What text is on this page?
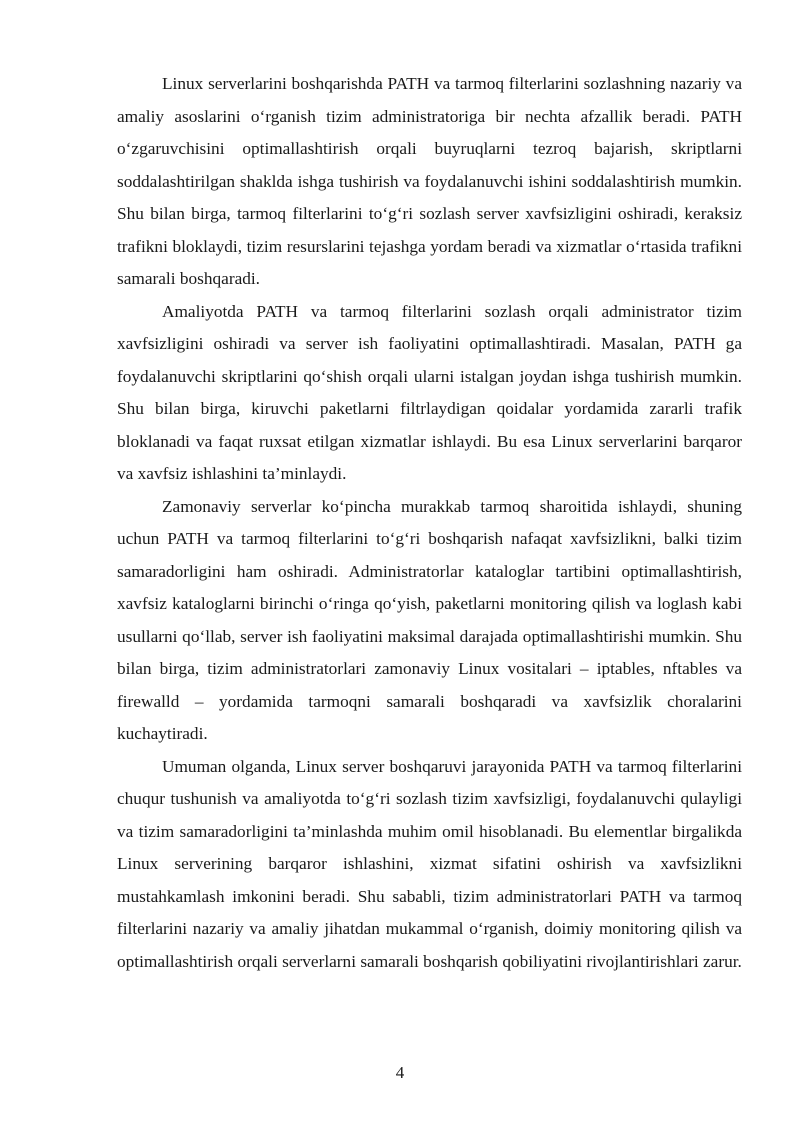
Linux serverlarini boshqarishda PATH va tarmoq filterlarini sozlashning nazariy va amaliy asoslarini o‘rganish tizim administratoriga bir nechta afzallik beradi. PATH o‘zgaruvchisini optimallashtirish orqali buyruqlarni tezroq bajarish, skriptlarni soddalashtirilgan shaklda ishga tushirish va foydalanuvchi ishini soddalashtirish mumkin. Shu bilan birga, tarmoq filterlarini to‘g‘ri sozlash server xavfsizligini oshiradi, keraksiz trafikni bloklaydi, tizim resurslarini tejashga yordam beradi va xizmatlar o‘rtasida trafikni samarali boshqaradi.

Amaliyotda PATH va tarmoq filterlarini sozlash orqali administrator tizim xavfsizligini oshiradi va server ish faoliyatini optimallashtiradi. Masalan, PATH ga foydalanuvchi skriptlarini qo‘shish orqali ularni istalgan joydan ishga tushirish mumkin. Shu bilan birga, kiruvchi paketlarni filtrlaydigan qoidalar yordamida zararli trafik bloklanadi va faqat ruxsat etilgan xizmatlar ishlaydi. Bu esa Linux serverlarini barqaror va xavfsiz ishlashini ta’minlaydi.

Zamonaviy serverlar ko‘pincha murakkab tarmoq sharoitida ishlaydi, shuning uchun PATH va tarmoq filterlarini to‘g‘ri boshqarish nafaqat xavfsizlikni, balki tizim samaradorligini ham oshiradi. Administratorlar kataloglar tartibini optimallashtirish, xavfsiz kataloglarni birinchi o‘ringa qo‘yish, paketlarni monitoring qilish va loglash kabi usullarni qo‘llab, server ish faoliyatini maksimal darajada optimallashtirishi mumkin. Shu bilan birga, tizim administratorlari zamonaviy Linux vositalari – iptables, nftables va firewalld – yordamida tarmoqni samarali boshqaradi va xavfsizlik choralarini kuchaytiradi.

Umuman olganda, Linux server boshqaruvi jarayonida PATH va tarmoq filterlarini chuqur tushunish va amaliyotda to‘g‘ri sozlash tizim xavfsizligi, foydalanuvchi qulayligi va tizim samaradorligini ta’minlashda muhim omil hisoblanadi. Bu elementlar birgalikda Linux serverining barqaror ishlashini, xizmat sifatini oshirish va xavfsizlikni mustahkamlash imkonini beradi. Shu sababli, tizim administratorlari PATH va tarmoq filterlarini nazariy va amaliy jihatdan mukammal o‘rganish, doimiy monitoring qilish va optimallashtirish orqali serverlarni samarali boshqarish qobiliyatini rivojlantirishlari zarur.

4
